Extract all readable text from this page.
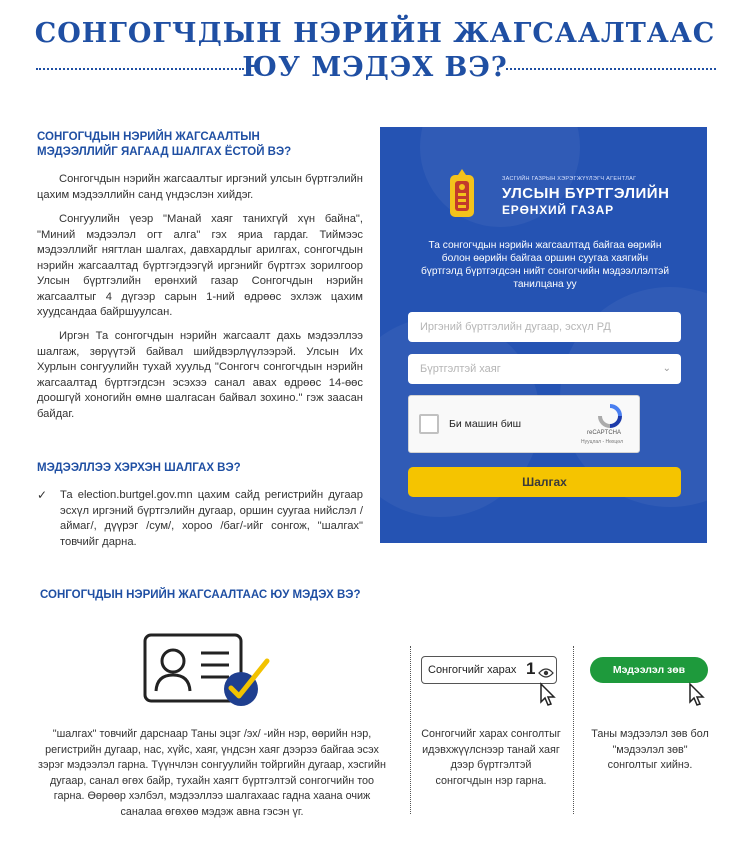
СОНГОГЧДЫН НЭРИЙН ЖАГСААЛТААС
ЮУ МЭДЭХ ВЭ?
СОНГОГЧДЫН НЭРИЙН ЖАГСААЛТЫН МЭДЭЭЛЛИЙГ ЯАГААД ШАЛГАХ ЁСТОЙ ВЭ?
Сонгогчдын нэрийн жагсаалтыг иргэний улсын бүртгэлийн цахим мэдээллийн санд үндэслэн хийдэг.
Сонгуулийн үеэр "Манай хаяг танихгүй хүн байна", "Миний мэдээлэл огт алга" гэх яриа гардаг. Тиймээс мэдээллийг нягтлан шалгах, давхардлыг арилгах, сонгогчдын нэрийн жагсаалтад бүртгэгдээгүй иргэнийг бүртгэх зорилгоор Улсын бүртгэлийн ерөнхий газар Сонгогчдын нэрийн жагсаалтыг 4 дүгээр сарын 1-ний өдрөөс эхлэж цахим хуудсандаа байршуулсан.
Иргэн Та сонгогчдын нэрийн жагсаалт дахь мэдээллээ шалгаж, зөрүүтэй байвал шийдвэрлүүлээрэй. Улсын Их Хурлын сонгуулийн тухай хуульд "Сонгогч сонгогчдын нэрийн жагсаалтад бүртгэгдсэн эсэхээ санал авах өдрөөс 14-өөс доошгүй хоногийн өмнө шалгасан байвал зохино." гэж заасан байдаг.
МЭДЭЭЛЛЭЭ ХЭРХЭН ШАЛГАХ ВЭ?
✓ Та election.burtgel.gov.mn цахим сайд регистрийн дугаар эсхүл иргэний бүртгэлийн дугаар, оршин суугаа нийслэл /аймаг/, дүүрэг /сум/, хороо /баг/-ийг сонгож, "шалгах" товчийг дарна.
ЗАСГИЙН ГАЗРЫН ХЭРЭГЖҮҮЛЭГЧ АГЕНТЛАГ
УЛСЫН БҮРТГЭЛИЙН
ЕРӨНХИЙ ГАЗАР
Та сонгогчдын нэрийн жагсаалтад байгаа өөрийн болон өөрийн байгаа оршин суугаа хаягийн бүртгэлд бүртгэгдсэн нийт сонгогчийн мэдээллэлтэй танилцана уу
Иргэний бүртгэлийн дугаар, эсхүл РД
Бүртгэлтэй хаяг	⌄
Би машин биш
reCAPTCHA
Нууцлал - Нөхцөл
Шалгах
СОНГОГЧДЫН НЭРИЙН ЖАГСААЛТААС ЮУ МЭДЭХ ВЭ?
"шалгах" товчийг дарснаар Таны эцэг /эх/ -ийн нэр, өөрийн нэр, регистрийн дугаар, нас, хүйс, хаяг, үндсэн хаяг дээрээ байгаа эсэх зэрэг мэдээлэл гарна. Түүнчлэн сонгуулийн тойргийн дугаар, хэсгийн дугаар, санал өгөх байр, тухайн хаягт бүртгэлтэй сонгогчийн тоо гарна. Өөрөөр хэлбэл, мэдээллээ шалгахаас гадна хаана очиж саналаа өгөхөө мэдэж авна гэсэн үг.
Сонгогчийг харах 1
Сонгогчийг харах сонголтыг идэвхжүүлснээр танай хаяг дээр бүртгэлтэй сонгогчдын нэр гарна.
Мэдээлэл зөв
Таны мэдээлэл зөв бол "мэдээлэл зөв" сонголтыг хийнэ.
